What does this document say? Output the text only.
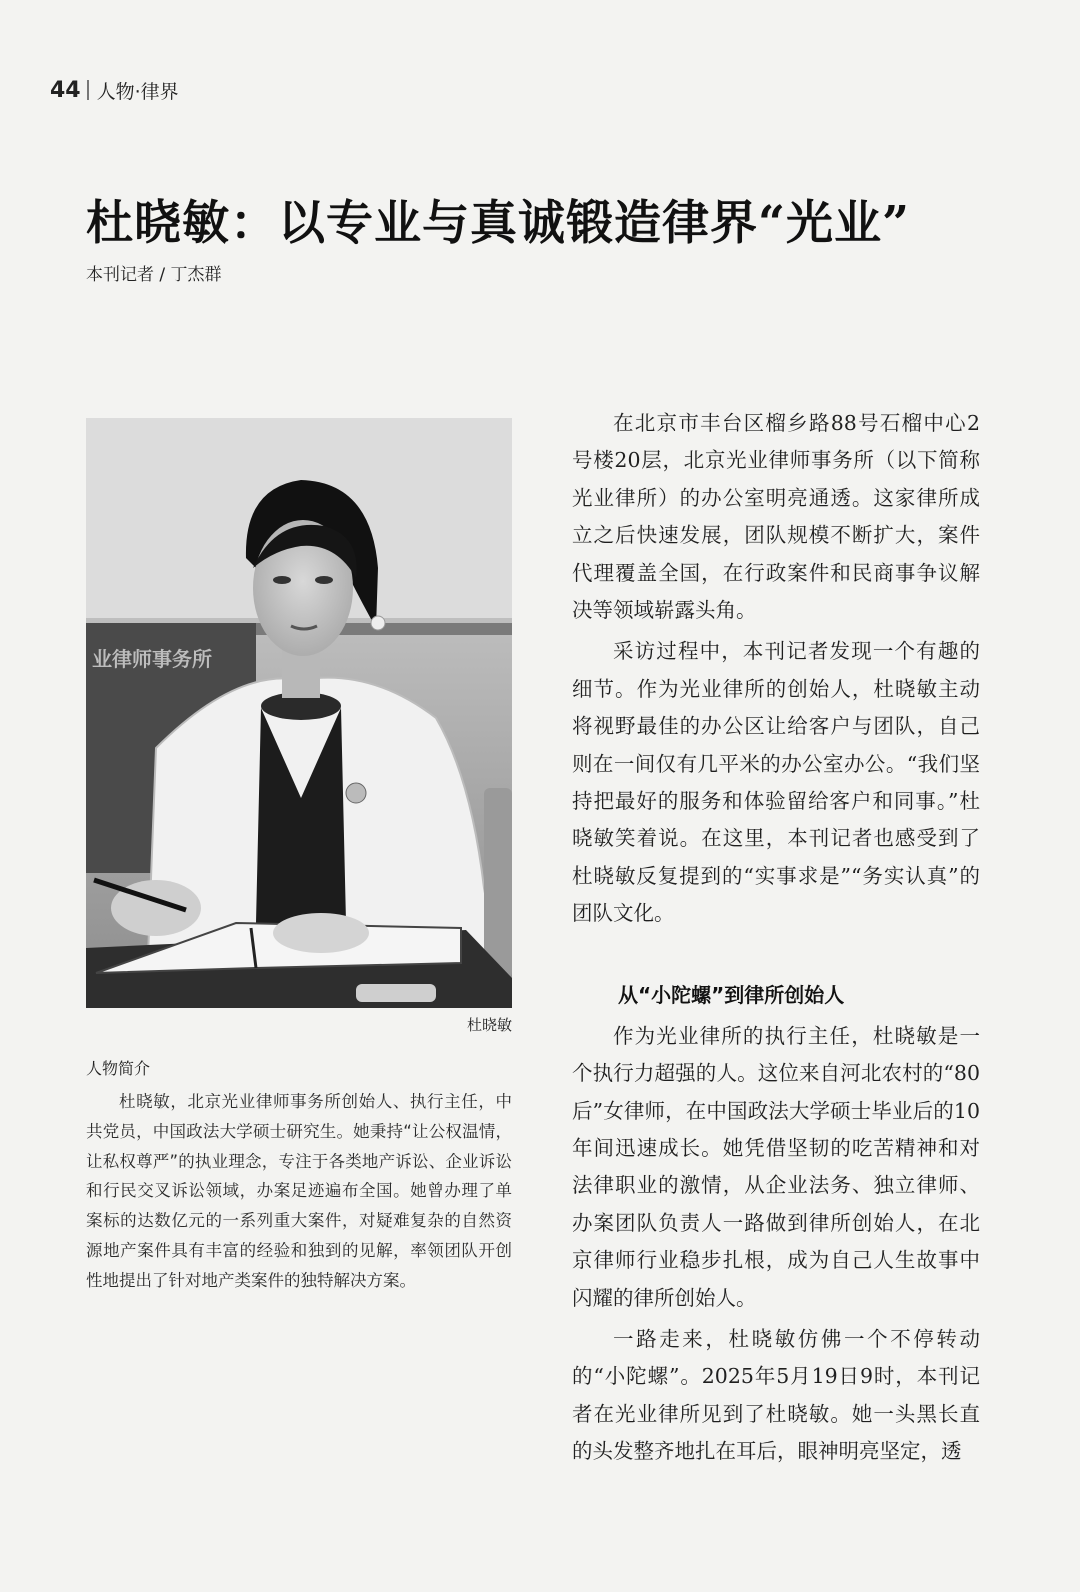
44 人物·律界
杜晓敏：以专业与真诚锻造律界“光业”
本刊记者 / 丁杰群
业律师事务所
杜晓敏
人物简介

杜晓敏，北京光业律师事务所创始人、执行主任，中共党员，中国政法大学硕士研究生。她秉持“让公权温情，让私权尊严”的执业理念，专注于各类地产诉讼、企业诉讼和行民交叉诉讼领域，办案足迹遍布全国。她曾办理了单案标的达数亿元的一系列重大案件，对疑难复杂的自然资源地产案件具有丰富的经验和独到的见解，率领团队开创性地提出了针对地产类案件的独特解决方案。

在北京市丰台区榴乡路88号石榴中心2号楼20层，北京光业律师事务所（以下简称光业律所）的办公室明亮通透。这家律所成立之后快速发展，团队规模不断扩大，案件代理覆盖全国，在行政案件和民商事争议解决等领域崭露头角。

采访过程中，本刊记者发现一个有趣的细节。作为光业律所的创始人，杜晓敏主动将视野最佳的办公区让给客户与团队，自己则在一间仅有几平米的办公室办公。“我们坚持把最好的服务和体验留给客户和同事。”杜晓敏笑着说。在这里，本刊记者也感受到了杜晓敏反复提到的“实事求是”“务实认真”的团队文化。

从“小陀螺”到律所创始人

作为光业律所的执行主任，杜晓敏是一个执行力超强的人。这位来自河北农村的“80后”女律师，在中国政法大学硕士毕业后的10年间迅速成长。她凭借坚韧的吃苦精神和对法律职业的激情，从企业法务、独立律师、办案团队负责人一路做到律所创始人，在北京律师行业稳步扎根，成为自己人生故事中闪耀的律所创始人。

一路走来，杜晓敏仿佛一个不停转动的“小陀螺”。2025年5月19日9时，本刊记者在光业律所见到了杜晓敏。她一头黑长直的头发整齐地扎在耳后，眼神明亮坚定，透
